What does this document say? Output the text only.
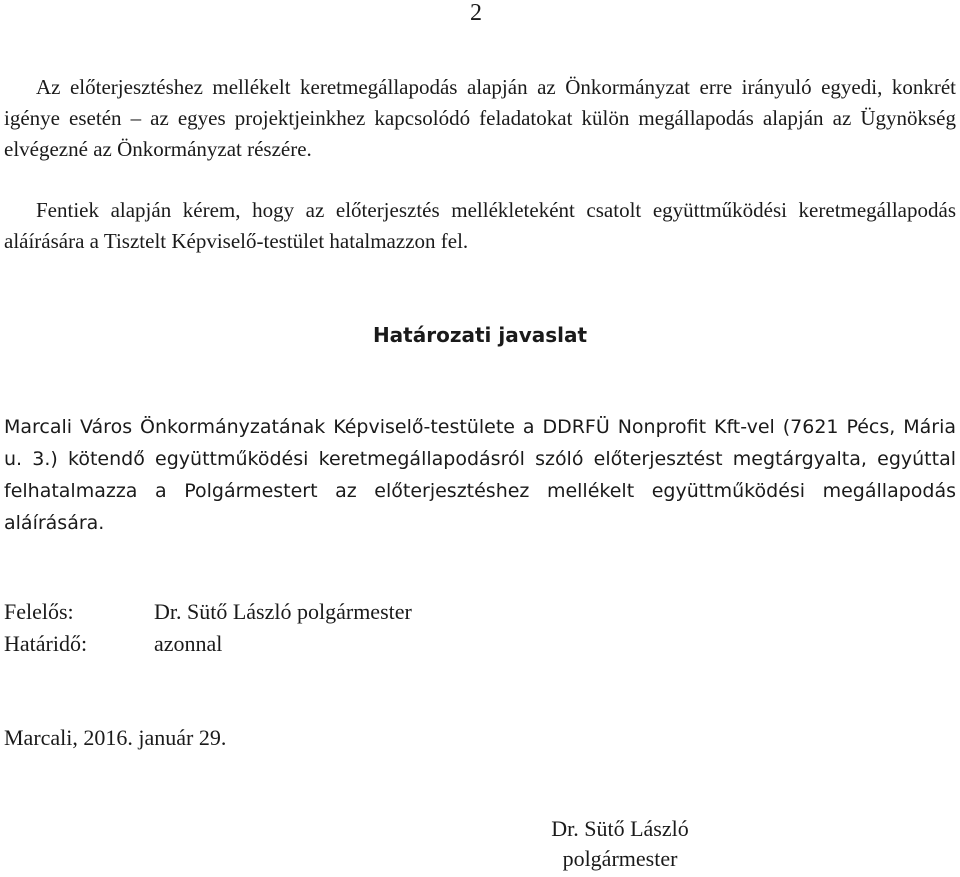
2

Az előterjesztéshez mellékelt keretmegállapodás alapján az Önkormányzat erre irányuló egyedi, konkrét igénye esetén – az egyes projektjeinkhez kapcsolódó feladatokat külön megállapodás alapján az Ügynökség elvégezné az Önkormányzat részére.

Fentiek alapján kérem, hogy az előterjesztés mellékleteként csatolt együttműködési keretmegállapodás aláírására a Tisztelt Képviselő-testület hatalmazzon fel.

Határozati javaslat

Marcali Város Önkormányzatának Képviselő-testülete a DDRFÜ Nonprofit Kft-vel (7621 Pécs, Mária u. 3.) kötendő együttműködési keretmegállapodásról szóló előterjesztést megtárgyalta, egyúttal felhatalmazza a Polgármestert az előterjesztéshez mellékelt együttműködési megállapodás aláírására.

Felelős:	Dr. Sütő László polgármester
Határidő:	azonnal
Marcali, 2016. január 29.
Dr. Sütő László
polgármester
